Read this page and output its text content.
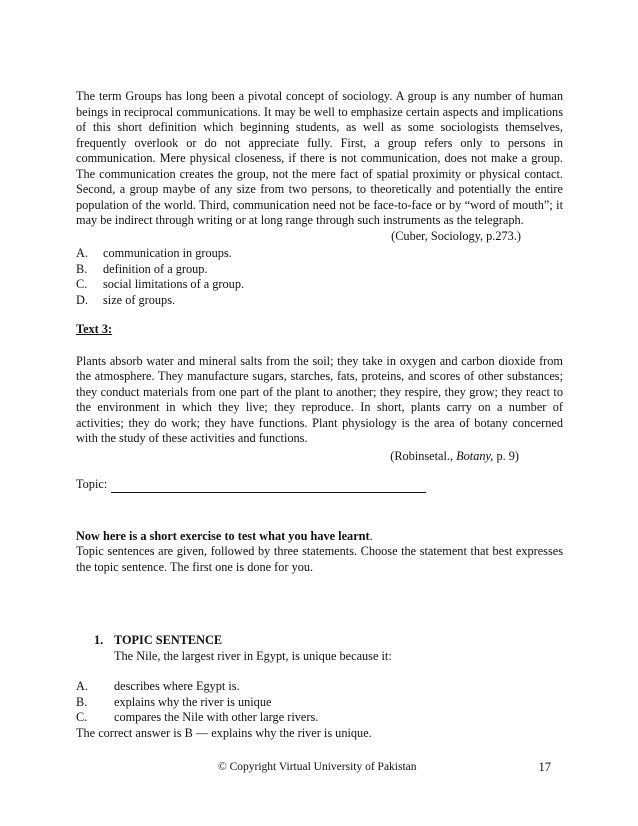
The term Groups has long been a pivotal concept of sociology. A group is any number of human beings in reciprocal communications. It may be well to emphasize certain aspects and implications of this short definition which beginning students, as well as some sociologists themselves, frequently overlook or do not appreciate fully. First, a group refers only to persons in communication. Mere physical closeness, if there is not communication, does not make a group. The communication creates the group, not the mere fact of spatial proximity or physical contact. Second, a group maybe of any size from two persons, to theoretically and potentially the entire population of the world. Third, communication need not be face-to-face or by “word of mouth”; it may be indirect through writing or at long range through such instruments as the telegraph.

(Cuber, Sociology, p.273.)

A.	communication in groups.
B.	definition of a group.
C.	social limitations of a group.
D.	size of groups.

Text 3:

Plants absorb water and mineral salts from the soil; they take in oxygen and carbon dioxide from the atmosphere. They manufacture sugars, starches, fats, proteins, and scores of other substances; they conduct materials from one part of the plant to another; they respire, they grow; they react to the environment in which they live; they reproduce. In short, plants carry on a number of activities; they do work; they have functions. Plant physiology is the area of botany concerned with the study of these activities and functions.

(Robinsetal., Botany, p. 9)

Topic:

Now here is a short exercise to test what you have learnt.

Topic sentences are given, followed by three statements. Choose the statement that best expresses the topic sentence. The first one is done for you.

1. TOPIC SENTENCE

The Nile, the largest river in Egypt, is unique because it:

A.	describes where Egypt is.
B.	explains why the river is unique
C.	compares the Nile with other large rivers.

The correct answer is B — explains why the river is unique.

© Copyright Virtual University of Pakistan	17
